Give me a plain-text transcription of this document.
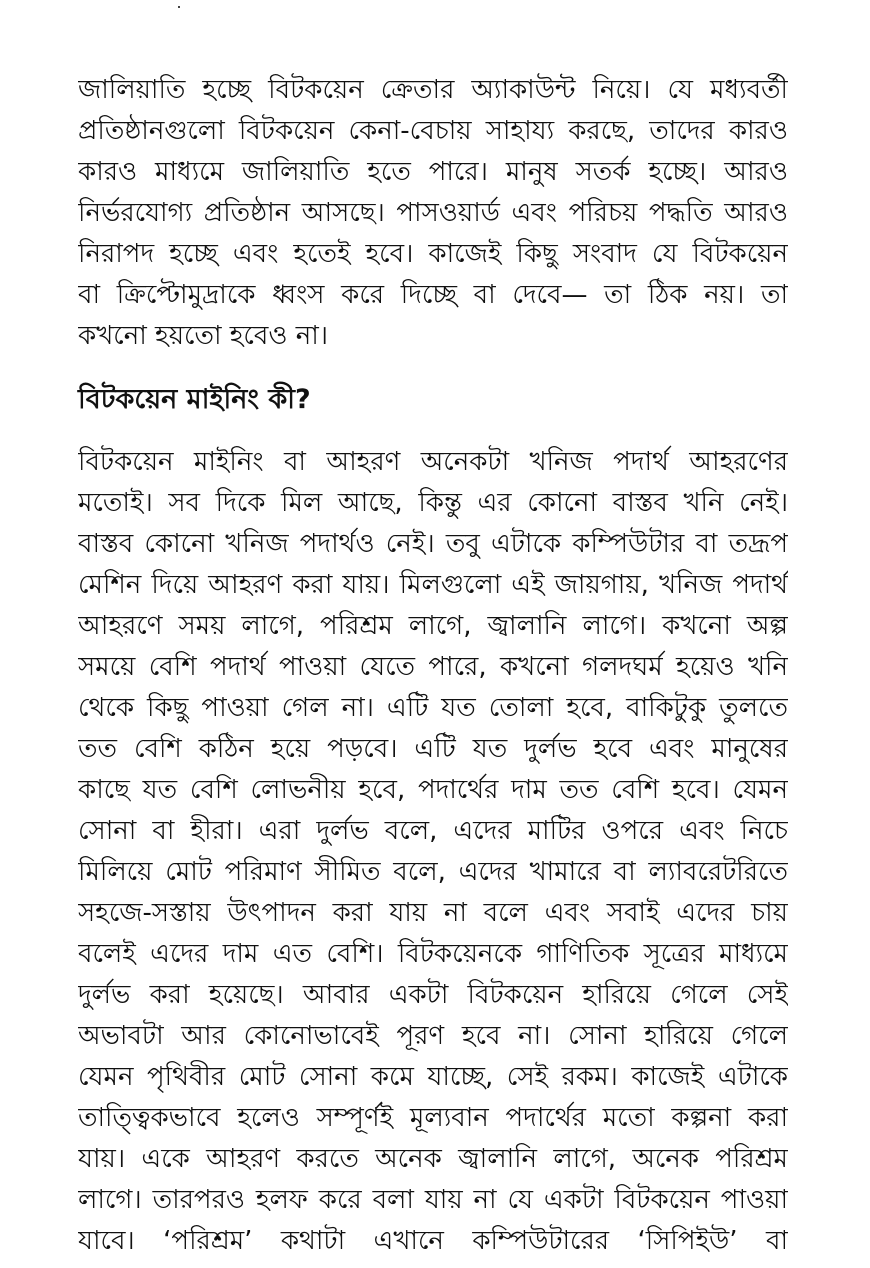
জালিয়াতি হচ্ছে বিটকয়েন ক্রেতার অ্যাকাউন্ট নিয়ে। যে মধ্যবর্তী
প্রতিষ্ঠানগুলো বিটকয়েন কেনা-বেচায় সাহায্য করছে, তাদের কারও
কারও মাধ্যমে জালিয়াতি হতে পারে। মানুষ সতর্ক হচ্ছে। আরও
নির্ভরযোগ্য প্রতিষ্ঠান আসছে। পাসওয়ার্ড এবং পরিচয় পদ্ধতি আরও
নিরাপদ হচ্ছে এবং হতেই হবে। কাজেই কিছু সংবাদ যে বিটকয়েন
বা ক্রিপ্টোমুদ্রাকে ধ্বংস করে দিচ্ছে বা দেবে— তা ঠিক নয়। তা
কখনো হয়তো হবেও না।

বিটকয়েন মাইনিং কী?

বিটকয়েন মাইনিং বা আহরণ অনেকটা খনিজ পদার্থ আহরণের
মতোই। সব দিকে মিল আছে, কিন্তু এর কোনো বাস্তব খনি নেই।
বাস্তব কোনো খনিজ পদার্থও নেই। তবু এটাকে কম্পিউটার বা তদ্রূপ
মেশিন দিয়ে আহরণ করা যায়। মিলগুলো এই জায়গায়, খনিজ পদার্থ
আহরণে সময় লাগে, পরিশ্রম লাগে, জ্বালানি লাগে। কখনো অল্প
সময়ে বেশি পদার্থ পাওয়া যেতে পারে, কখনো গলদঘর্ম হয়েও খনি
থেকে কিছু পাওয়া গেল না। এটি যত তোলা হবে, বাকিটুকু তুলতে
তত বেশি কঠিন হয়ে পড়বে। এটি যত দুর্লভ হবে এবং মানুষের
কাছে যত বেশি লোভনীয় হবে, পদার্থের দাম তত বেশি হবে। যেমন
সোনা বা হীরা। এরা দুর্লভ বলে, এদের মাটির ওপরে এবং নিচে
মিলিয়ে মোট পরিমাণ সীমিত বলে, এদের খামারে বা ল্যাবরেটরিতে
সহজে-সস্তায় উৎপাদন করা যায় না বলে এবং সবাই এদের চায়
বলেই এদের দাম এত বেশি। বিটকয়েনকে গাণিতিক সূত্রের মাধ্যমে
দুর্লভ করা হয়েছে। আবার একটা বিটকয়েন হারিয়ে গেলে সেই
অভাবটা আর কোনোভাবেই পূরণ হবে না। সোনা হারিয়ে গেলে
যেমন পৃথিবীর মোট সোনা কমে যাচ্ছে, সেই রকম। কাজেই এটাকে
তাত্ত্বিকভাবে হলেও সম্পূর্ণই মূল্যবান পদার্থের মতো কল্পনা করা
যায়। একে আহরণ করতে অনেক জ্বালানি লাগে, অনেক পরিশ্রম
লাগে। তারপরও হলফ করে বলা যায় না যে একটা বিটকয়েন পাওয়া
যাবে। ‘পরিশ্রম’ কথাটা এখানে কম্পিউটারের ‘সিপিইউ’ বা
